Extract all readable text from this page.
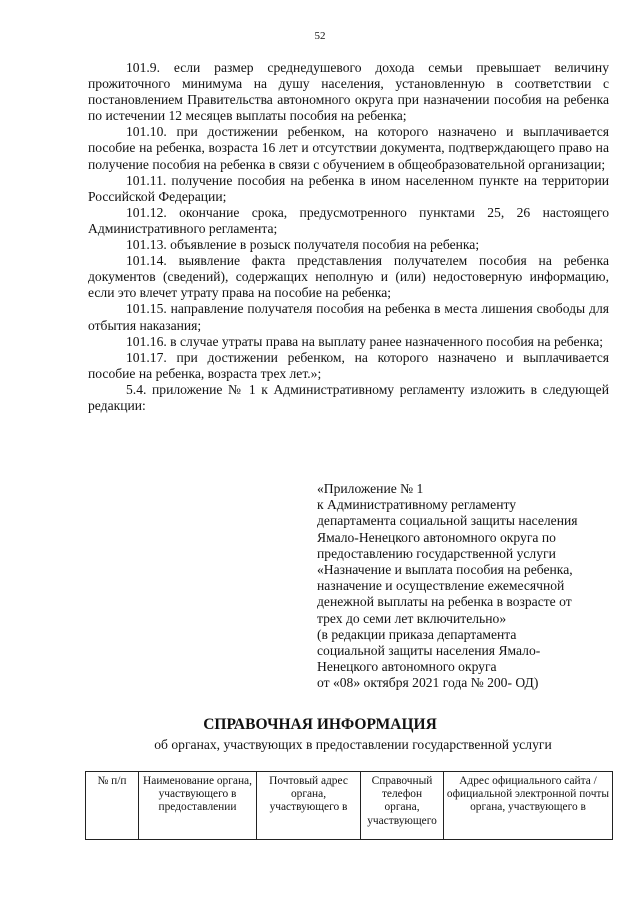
52

101.9. если размер среднедушевого дохода семьи превышает величину прожиточного минимума на душу населения, установленную в соответствии с постановлением Правительства автономного округа при назначении пособия на ребенка по истечении 12 месяцев выплаты пособия на ребенка;

101.10. при достижении ребенком, на которого назначено и выплачивается пособие на ребенка, возраста 16 лет и отсутствии документа, подтверждающего право на получение пособия на ребенка в связи с обучением в общеобразовательной организации;

101.11. получение пособия на ребенка в ином населенном пункте на территории Российской Федерации;

101.12. окончание срока, предусмотренного пунктами 25, 26 настоящего Административного регламента;

101.13. объявление в розыск получателя пособия на ребенка;

101.14. выявление факта представления получателем пособия на ребенка документов (сведений), содержащих неполную и (или) недостоверную информацию, если это влечет утрату права на пособие на ребенка;

101.15. направление получателя пособия на ребенка в места лишения свободы для отбытия наказания;

101.16. в случае утраты права на выплату ранее назначенного пособия на ребенка;

101.17. при достижении ребенком, на которого назначено и выплачивается пособие на ребенка, возраста трех лет.»;

5.4. приложение № 1 к Административному регламенту изложить в следующей редакции:

«Приложение № 1
к Административному регламенту
департамента социальной защиты населения
Ямало-Ненецкого автономного округа по
предоставлению государственной услуги
«Назначение и выплата пособия на ребенка,
назначение и осуществление ежемесячной
денежной выплаты на ребенка в возрасте от
трех до семи лет включительно»
(в редакции приказа департамента
социальной защиты населения Ямало-
Ненецкого автономного округа
от «08» октября 2021 года № 200- ОД)
СПРАВОЧНАЯ ИНФОРМАЦИЯ
об органах, участвующих в предоставлении государственной услуги
№ п/п	Наименование органа, участвующего в предоставлении	Почтовый адрес органа, участвующего в	Справочный телефон органа, участвующего	Адрес официального сайта /официальной электронной почты органа, участвующего в
